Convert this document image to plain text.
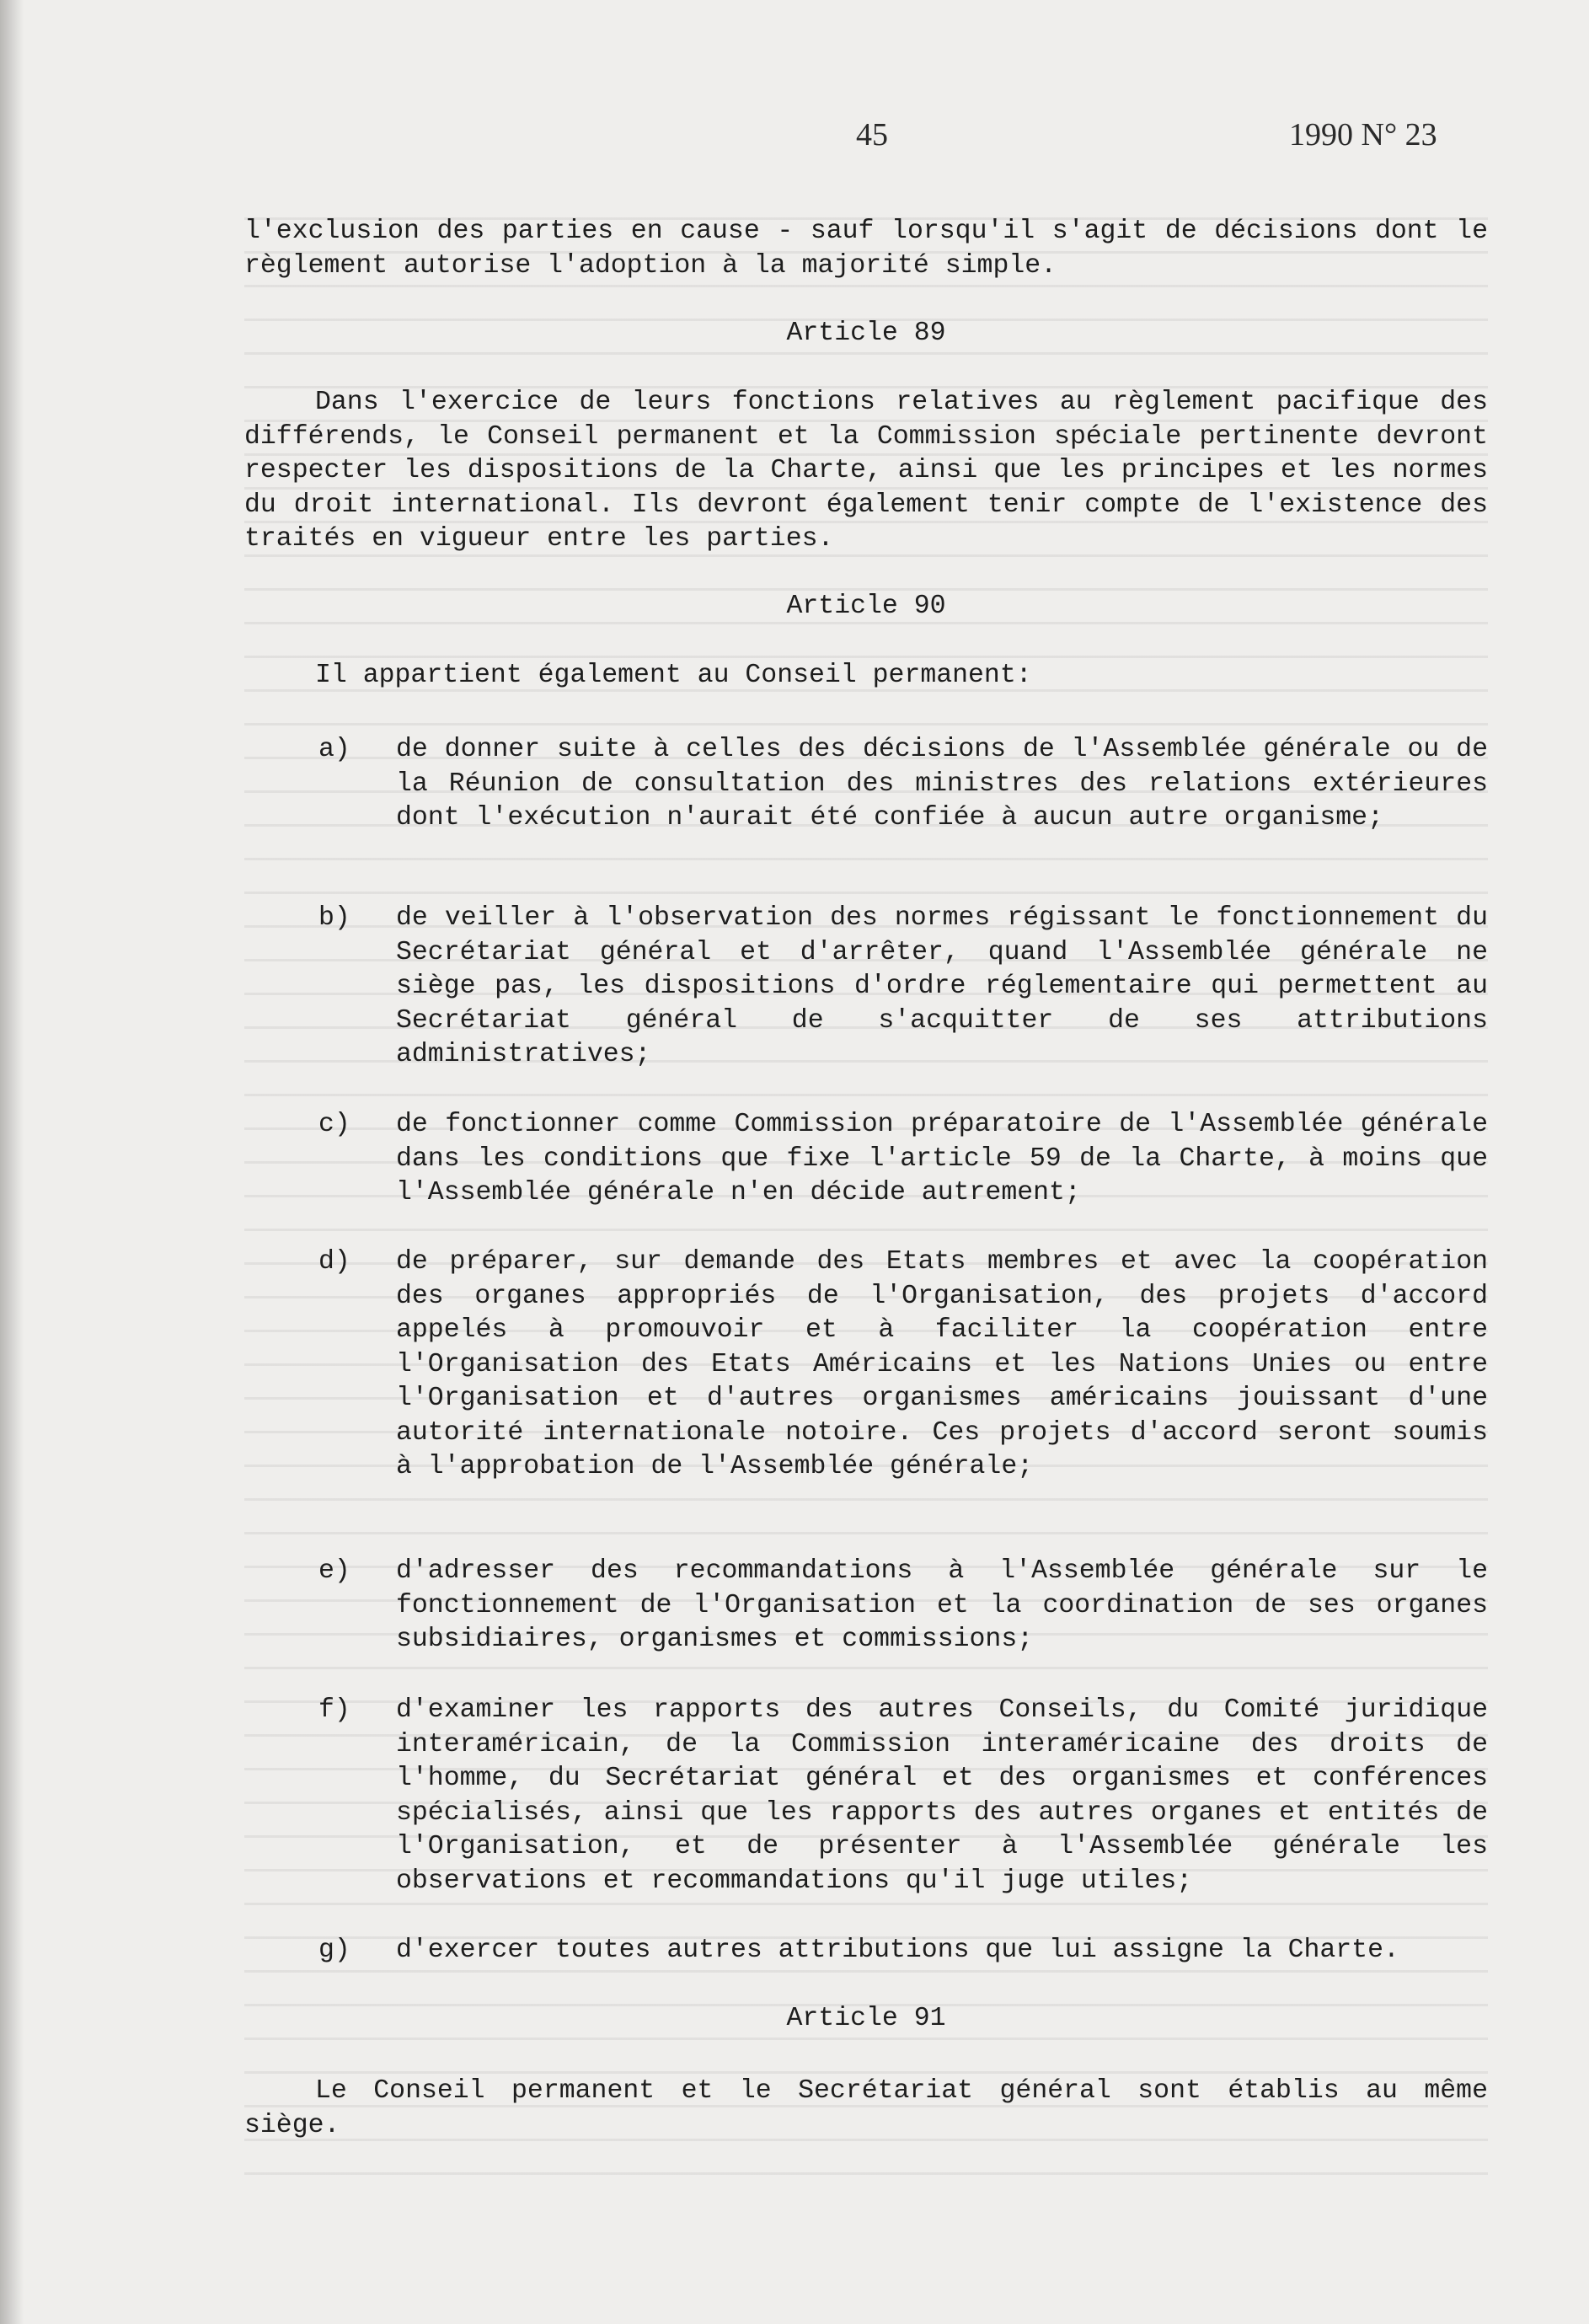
45	1990 N° 23

l'exclusion des parties en cause - sauf lorsqu'il s'agit de décisions dont le règlement autorise l'adoption à la majorité simple.

Article 89

Dans l'exercice de leurs fonctions relatives au règlement pacifique des différends, le Conseil permanent et la Commission spéciale pertinente devront respecter les dispositions de la Charte, ainsi que les principes et les normes du droit international. Ils devront également tenir compte de l'existence des traités en vigueur entre les parties.

Article 90

Il appartient également au Conseil permanent:

a) de donner suite à celles des décisions de l'Assemblée générale ou de la Réunion de consultation des ministres des relations extérieures dont l'exécution n'aurait été confiée à aucun autre organisme;
b) de veiller à l'observation des normes régissant le fonctionnement du Secrétariat général et d'arrêter, quand l'Assemblée générale ne siège pas, les dispositions d'ordre réglementaire qui permettent au Secrétariat général de s'acquitter de ses attributions administratives;
c) de fonctionner comme Commission préparatoire de l'Assemblée générale dans les conditions que fixe l'article 59 de la Charte, à moins que l'Assemblée générale n'en décide autrement;
d) de préparer, sur demande des Etats membres et avec la coopération des organes appropriés de l'Organisation, des projets d'accord appelés à promouvoir et à faciliter la coopération entre l'Organisation des Etats Américains et les Nations Unies ou entre l'Organisation et d'autres organismes américains jouissant d'une autorité internationale notoire. Ces projets d'accord seront soumis à l'approbation de l'Assemblée générale;
e) d'adresser des recommandations à l'Assemblée générale sur le fonctionnement de l'Organisation et la coordination de ses organes subsidiaires, organismes et commissions;
f) d'examiner les rapports des autres Conseils, du Comité juridique interaméricain, de la Commission interaméricaine des droits de l'homme, du Secrétariat général et des organismes et conférences spécialisés, ainsi que les rapports des autres organes et entités de l'Organisation, et de présenter à l'Assemblée générale les observations et recommandations qu'il juge utiles;
g) d'exercer toutes autres attributions que lui assigne la Charte.
Article 91

Le Conseil permanent et le Secrétariat général sont établis au même siège.
